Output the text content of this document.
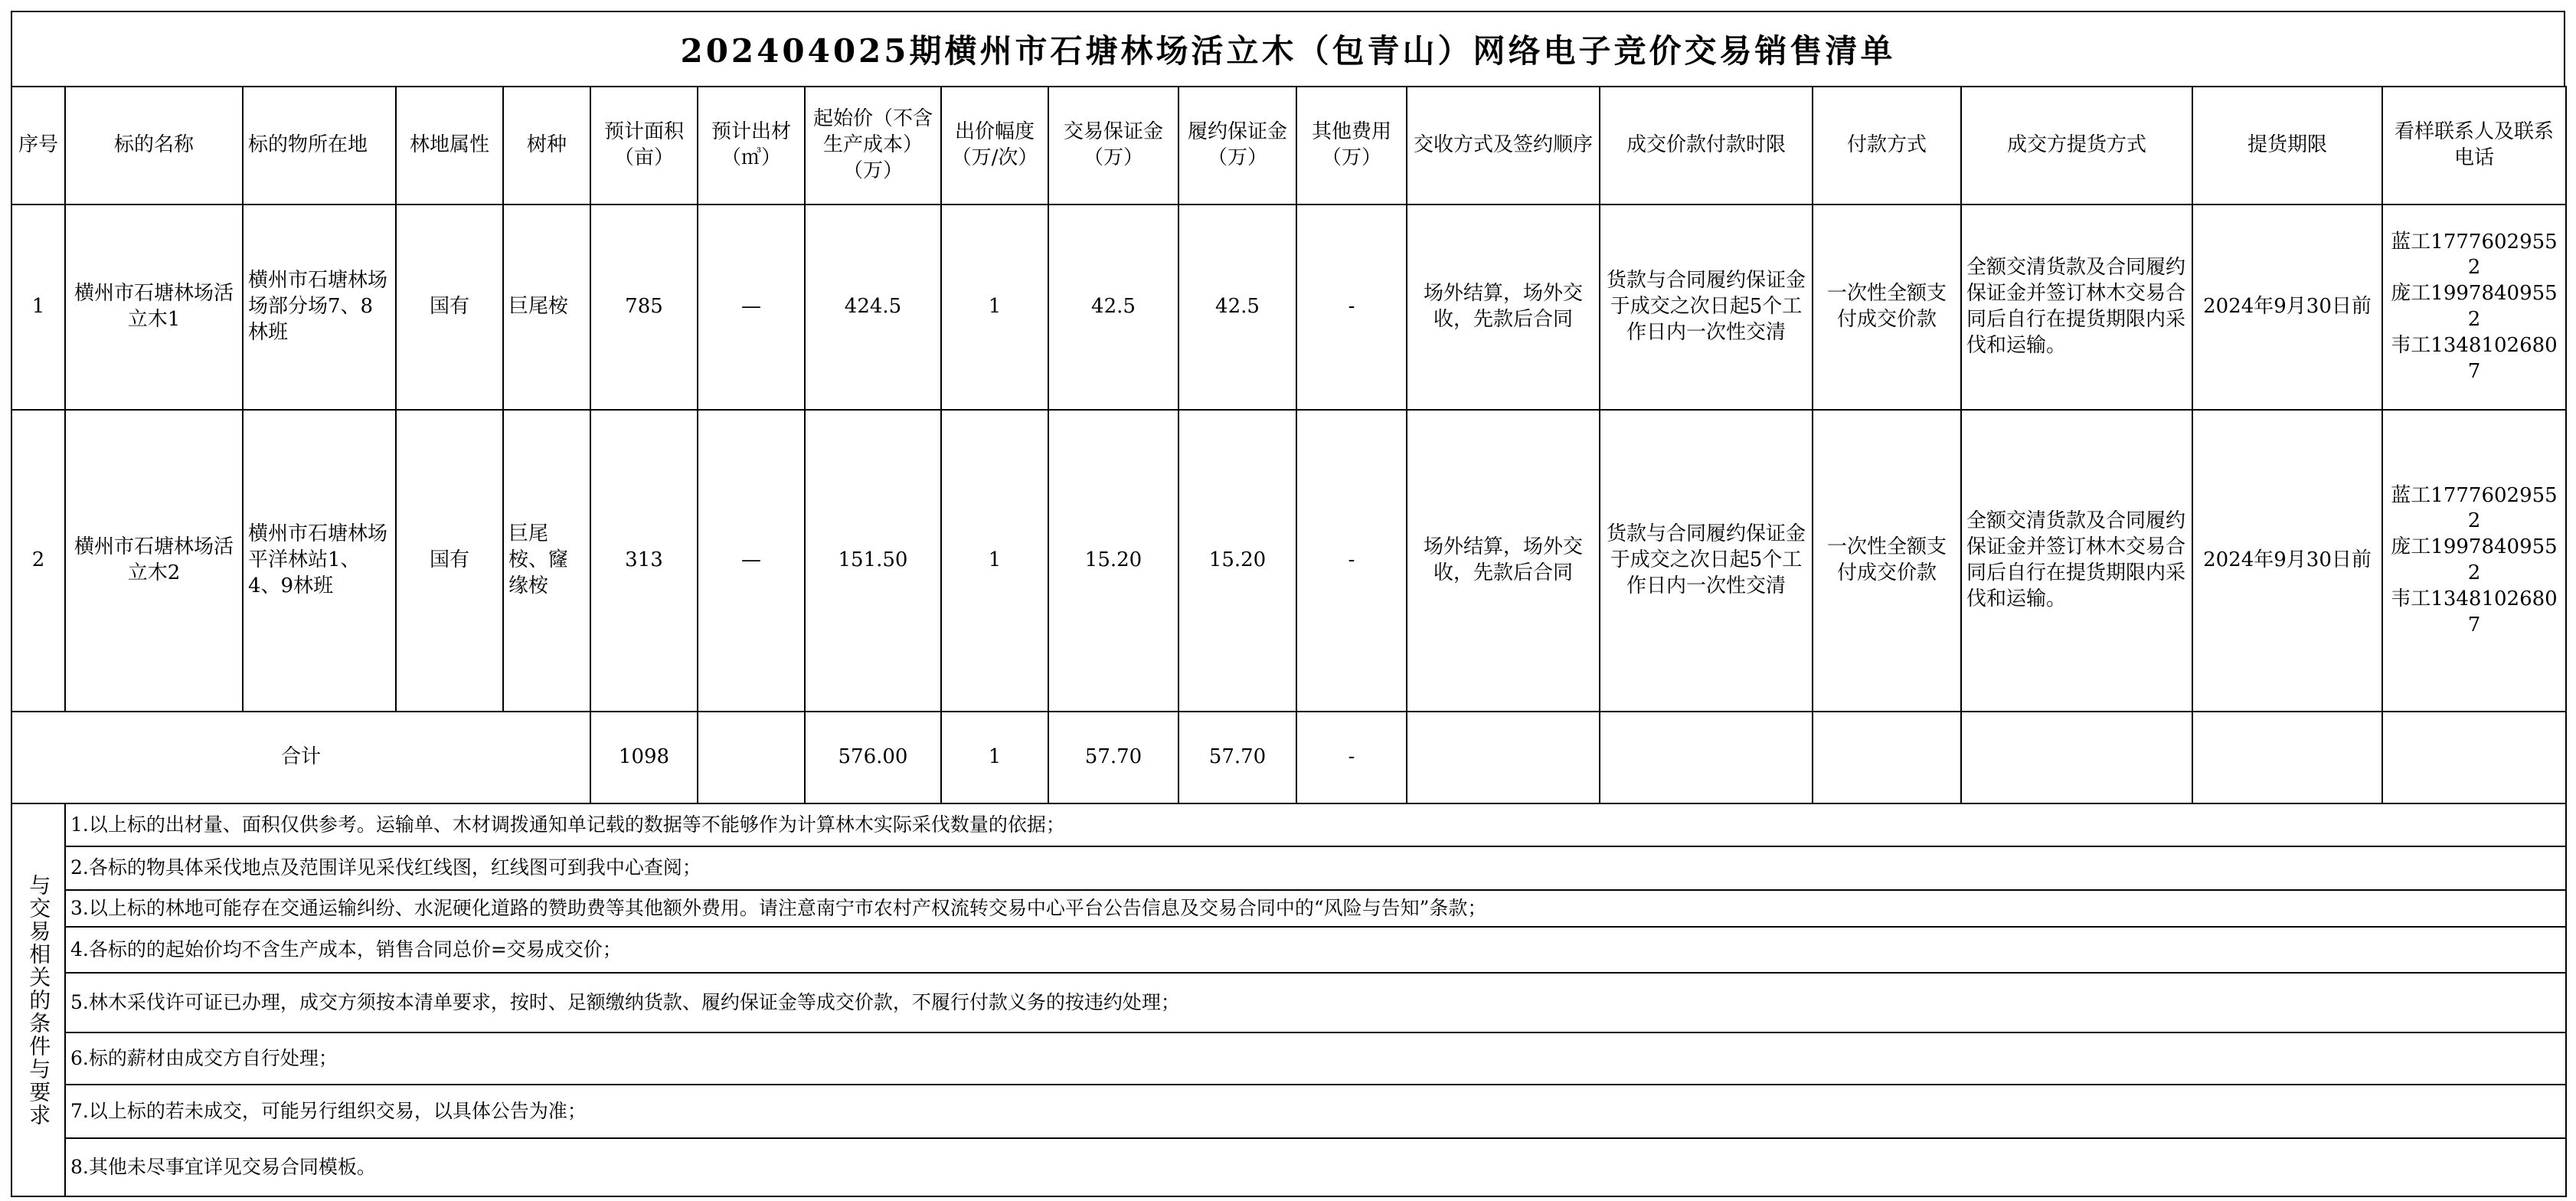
202404025期横州市石塘林场活立木（包青山）网络电子竞价交易销售清单
序号	标的名称	标的物所在地	林地属性	树种	预计面积（亩）	预计出材（㎥）	起始价（不含生产成本）（万）	出价幅度（万/次）	交易保证金（万）	履约保证金（万）	其他费用（万）	交收方式及签约顺序	成交价款付款时限	付款方式	成交方提货方式	提货期限	看样联系人及联系电话
1	横州市石塘林场活立木1	横州市石塘林场场部分场7、8林班	国有	巨尾桉	785	—	424.5	1	42.5	42.5	-	场外结算，场外交收，先款后合同	货款与合同履约保证金于成交之次日起5个工作日内一次性交清	一次性全额支付成交价款	全额交清货款及合同履约保证金并签订林木交易合同后自行在提货期限内采伐和运输。	2024年9月30日前	蓝工17776029552
庞工19978409552
韦工13481026807

2	横州市石塘林场活立木2	横州市石塘林场平洋林站1、4、9林班	国有	巨尾桉、窿缘桉	313	—	151.50	1	15.20	15.20	-	场外结算，场外交收，先款后合同	货款与合同履约保证金于成交之次日起5个工作日内一次性交清	一次性全额支付成交价款	全额交清货款及合同履约保证金并签订林木交易合同后自行在提货期限内采伐和运输。	2024年9月30日前	蓝工17776029552
庞工19978409552
韦工13481026807

合计					1098		576.00	1	57.70	57.70	-						

与交易相关的条件与要求	1.以上标的出材量、面积仅供参考。运输单、木材调拨通知单记载的数据等不能够作为计算林木实际采伐数量的依据；																
	2.各标的物具体采伐地点及范围详见采伐红线图，红线图可到我中心查阅；																
	3.以上标的林地可能存在交通运输纠纷、水泥硬化道路的赞助费等其他额外费用。请注意南宁市农村产权流转交易中心平台公告信息及交易合同中的“风险与告知”条款；																
	4.各标的的起始价均不含生产成本，销售合同总价=交易成交价；																
	5.林木采伐许可证已办理，成交方须按本清单要求，按时、足额缴纳货款、履约保证金等成交价款，不履行付款义务的按违约处理；																
	6.标的薪材由成交方自行处理；																
	7.以上标的若未成交，可能另行组织交易，以具体公告为准；																
	8.其他未尽事宜详见交易合同模板。																
